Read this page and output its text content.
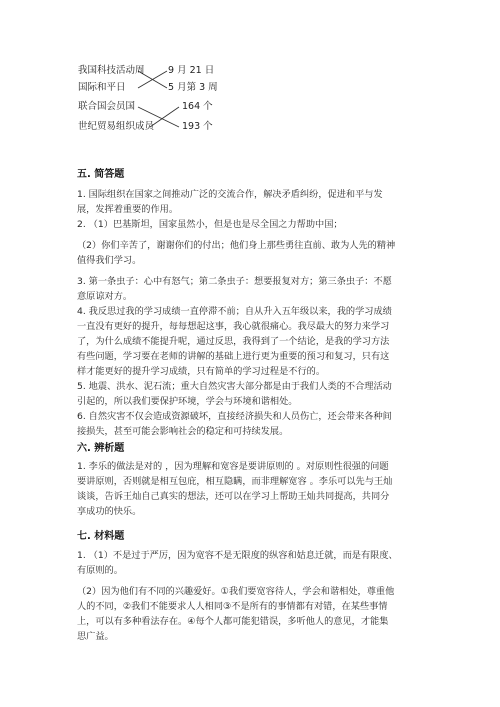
我国科技活动周
国际和平日
联合国会员国
世纪贸易组织成员
9 月 21 日
5 月第 3 周
164 个
193 个
五. 简答题
1. 国际组织在国家之间推动广泛的交流合作，解决矛盾纠纷，促进和平与发
展，发挥着重要的作用。
2. （1）巴基斯坦，国家虽然小，但是也是尽全国之力帮助中国；
（2）你们辛苦了，谢谢你们的付出；他们身上那些勇往直前、敢为人先的精神
值得我们学习。
3. 第一条虫子：心中有怒气；第二条虫子：想要报复对方；第三条虫子：不愿
意原谅对方。
4. 我反思过我的学习成绩一直停滞不前；自从升入五年级以来，我的学习成绩
一直没有更好的提升，每每想起这事，我心就很痛心。我尽最大的努力来学习
了，为什么成绩不能提升呢，通过反思，我得到了一个结论，是我的学习方法
有些问题，学习要在老师的讲解的基础上进行更为重要的预习和复习，只有这
样才能更好的提升学习成绩，只有简单的学习过程是不行的。
5. 地震、洪水、泥石流；重大自然灾害大部分都是由于我们人类的不合理活动
引起的，所以我们要保护环境，学会与环境和谐相处。
6. 自然灾害不仅会造成资源破坏，直接经济损失和人员伤亡，还会带来各种间
接损失，甚至可能会影响社会的稳定和可持续发展。
六. 辨析题
1. 李乐的做法是对的 ，因为理解和宽容是要讲原则的 。对原则性很强的问题
要讲原则，否则就是相互包庇，相互隐瞒，而非理解宽容 。李乐可以先与王灿
谈谈，告诉王灿自己真实的想法，还可以在学习上帮助王灿共同提高，共同分
享成功的快乐。
七. 材料题
1. （1）不是过于严厉，因为宽容不是无限度的纵容和姑息迁就，而是有限度、
有原则的。
（2）因为他们有不同的兴趣爱好。①我们要宽容待人，学会和谐相处，尊重他
人的不同，②我们不能要求人人相同③不是所有的事情都有对错，在某些事情
上，可以有多种看法存在。④每个人都可能犯错误，多听他人的意见，才能集
思广益。
